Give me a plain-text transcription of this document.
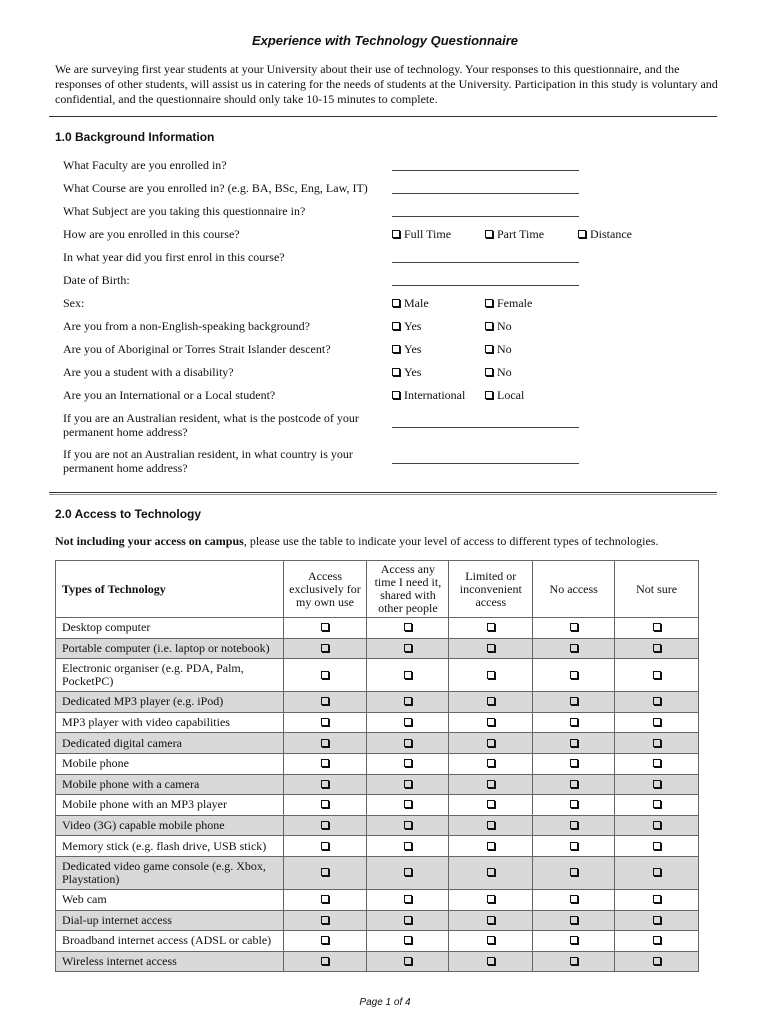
Experience with Technology Questionnaire
We are surveying first year students at your University about their use of technology. Your responses to this questionnaire, and the responses of other students, will assist us in catering for the needs of students at the University. Participation in this study is voluntary and confidential, and the questionnaire should only take 10-15 minutes to complete.
1.0 Background Information
What Faculty are you enrolled in?
What Course are you enrolled in? (e.g. BA, BSc, Eng, Law, IT)
What Subject are you taking this questionnaire in?
How are you enrolled in this course?	Full Time	Part Time	Distance
In what year did you first enrol in this course?
Date of Birth:
Sex:	Male	Female
Are you from a non-English-speaking background?	Yes	No
Are you of Aboriginal or Torres Strait Islander descent?	Yes	No
Are you a student with a disability?	Yes	No
Are you an International or a Local student?	International	Local
If you are an Australian resident, what is the postcode of your permanent home address?
If you are not an Australian resident, in what country is your permanent home address?
2.0 Access to Technology
Not including your access on campus, please use the table to indicate your level of access to different types of technologies.
Types of Technology	Access exclusively for my own use	Access any time I need it, shared with other people	Limited or inconvenient access	No access	Not sure
Desktop computer					
Portable computer (i.e. laptop or notebook)					
Electronic organiser (e.g. PDA, Palm, PocketPC)					
Dedicated MP3 player (e.g. iPod)					
MP3 player with video capabilities					
Dedicated digital camera					
Mobile phone					
Mobile phone with a camera					
Mobile phone with an MP3 player					
Video (3G) capable mobile phone					
Memory stick (e.g. flash drive, USB stick)					
Dedicated video game console (e.g. Xbox, Playstation)					
Web cam					
Dial-up internet access					
Broadband internet access (ADSL or cable)					
Wireless internet access					
Page 1 of 4
